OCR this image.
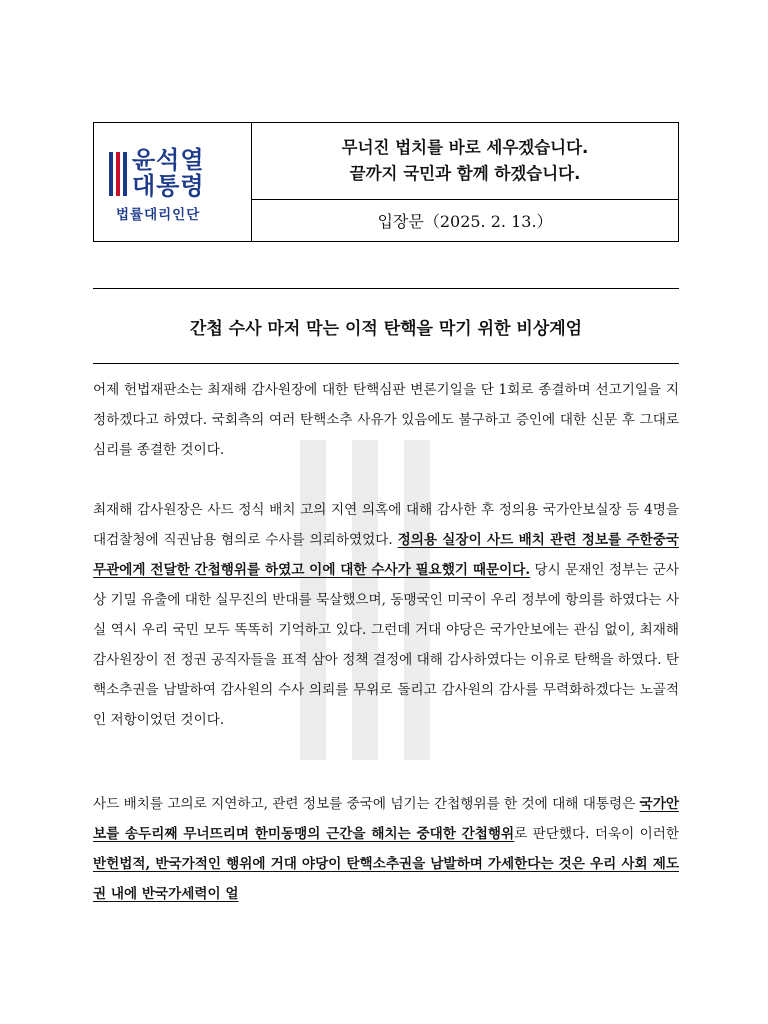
윤석열
대통령
법률대리인단
무너진 법치를 바로 세우겠습니다.
끝까지 국민과 함께 하겠습니다.
입장문（2025. 2. 13.）
간첩 수사 마저 막는 이적 탄핵을 막기 위한 비상계엄

어제 헌법재판소는 최재해 감사원장에 대한 탄핵심판 변론기일을 단 1회로 종결하며 선고기일을 지정하겠다고 하였다. 국회측의 여러 탄핵소추 사유가 있음에도 불구하고 증인에 대한 신문 후 그대로 심리를 종결한 것이다.

최재해 감사원장은 사드 정식 배치 고의 지연 의혹에 대해 감사한 후 정의용 국가안보실장 등 4명을 대검찰청에 직권남용 혐의로 수사를 의뢰하였었다. 정의용 실장이 사드 배치 관련 정보를 주한중국무관에게 전달한 간첩행위를 하였고 이에 대한 수사가 필요했기 때문이다. 당시 문재인 정부는 군사상 기밀 유출에 대한 실무진의 반대를 묵살했으며, 동맹국인 미국이 우리 정부에 항의를 하였다는 사실 역시 우리 국민 모두 똑똑히 기억하고 있다. 그런데 거대 야당은 국가안보에는 관심 없이, 최재해 감사원장이 전 정권 공직자들을 표적 삼아 정책 결정에 대해 감사하였다는 이유로 탄핵을 하였다. 탄핵소추권을 남발하여 감사원의 수사 의뢰를 무위로 돌리고 감사원의 감사를 무력화하겠다는 노골적인 저항이었던 것이다.

사드 배치를 고의로 지연하고, 관련 정보를 중국에 넘기는 간첩행위를 한 것에 대해 대통령은 국가안보를 송두리째 무너뜨리며 한미동맹의 근간을 해치는 중대한 간첩행위로 판단했다. 더욱이 이러한 반헌법적, 반국가적인 행위에 거대 야당이 탄핵소추권을 남발하며 가세한다는 것은 우리 사회 제도권 내에 반국가세력이 얼
